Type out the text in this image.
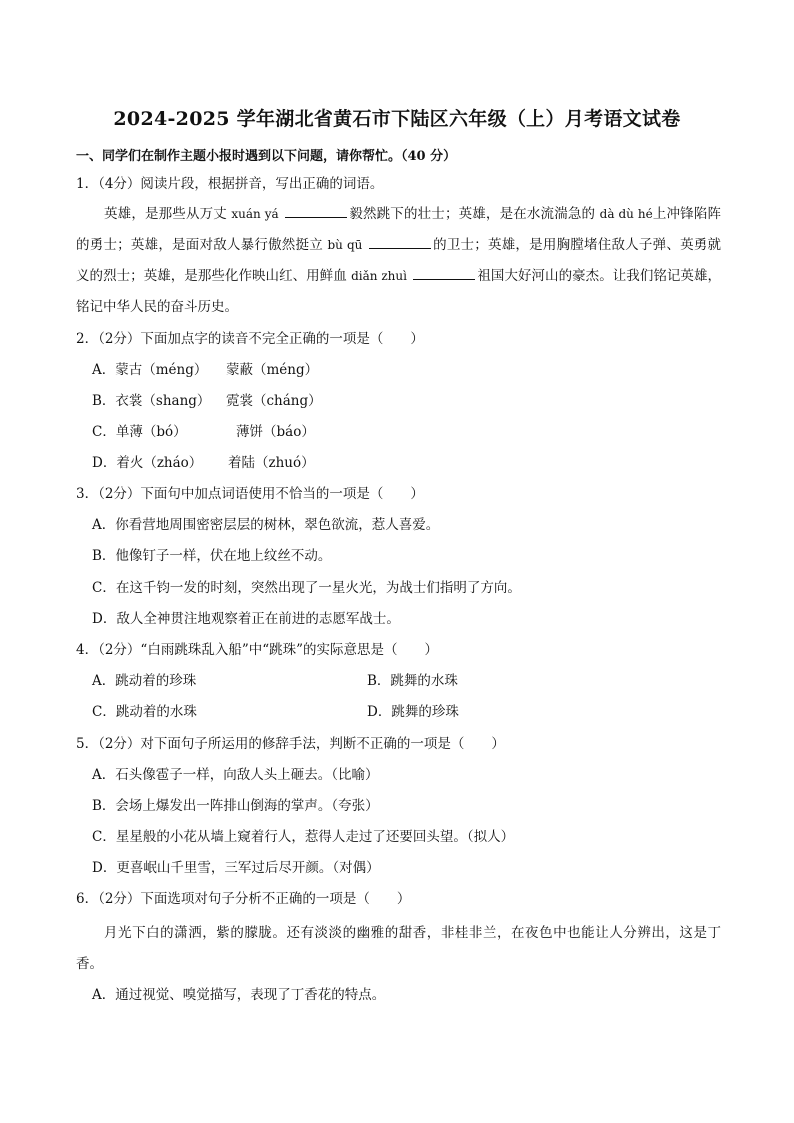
2024-2025 学年湖北省黄石市下陆区六年级（上）月考语文试卷
一、同学们在制作主题小报时遇到以下问题，请你帮忙。（40 分）
1．（4分）阅读片段，根据拼音，写出正确的词语。

英雄，是那些从万丈 xuán yá	毅然跳下的壮士；英雄，是在水流湍急的 dà dù hé上冲锋陷阵的勇士；英雄，是面对敌人暴行傲然挺立 bù qū	的卫士；英雄，是用胸膛堵住敌人子弹、英勇就义的烈士；英雄，是那些化作映山红、用鲜血 diǎn zhuì	祖国大好河山的豪杰。让我们铭记英雄，铭记中华人民的奋斗历史。

2．（2分）下面加点字的读音不完全正确的一项是（　　）
A．蒙古（méng） 蒙蔽（méng）
B．衣裳（shang） 霓裳（cháng）
C．单薄（bó）	薄饼（báo）
D．着火（zháo） 着陆（zhuó）
3．（2分）下面句中加点词语使用不恰当的一项是（　　）
A．你看营地周围密密层层的树林，翠色欲流，惹人喜爱。
B．他像钉子一样，伏在地上纹丝不动。
C．在这千钧一发的时刻，突然出现了一星火光，为战士们指明了方向。
D．敌人全神贯注地观察着正在前进的志愿军战士。
4．（2分）“白雨跳珠乱入船”中“跳珠”的实际意思是（　　）
A．跳动着的珍珠	B．跳舞的水珠
C．跳动着的水珠	D．跳舞的珍珠
5．（2分）对下面句子所运用的修辞手法，判断不正确的一项是（　　）
A．石头像雹子一样，向敌人头上砸去。（比喻）
B．会场上爆发出一阵排山倒海的掌声。（夸张）
C．星星般的小花从墙上窥着行人，惹得人走过了还要回头望。（拟人）
D．更喜岷山千里雪，三军过后尽开颜。（对偶）
6．（2分）下面选项对句子分析不正确的一项是（　　）

月光下白的潇洒，紫的朦胧。还有淡淡的幽雅的甜香，非桂非兰，在夜色中也能让人分辨出，这是丁香。

A．通过视觉、嗅觉描写，表现了丁香花的特点。
